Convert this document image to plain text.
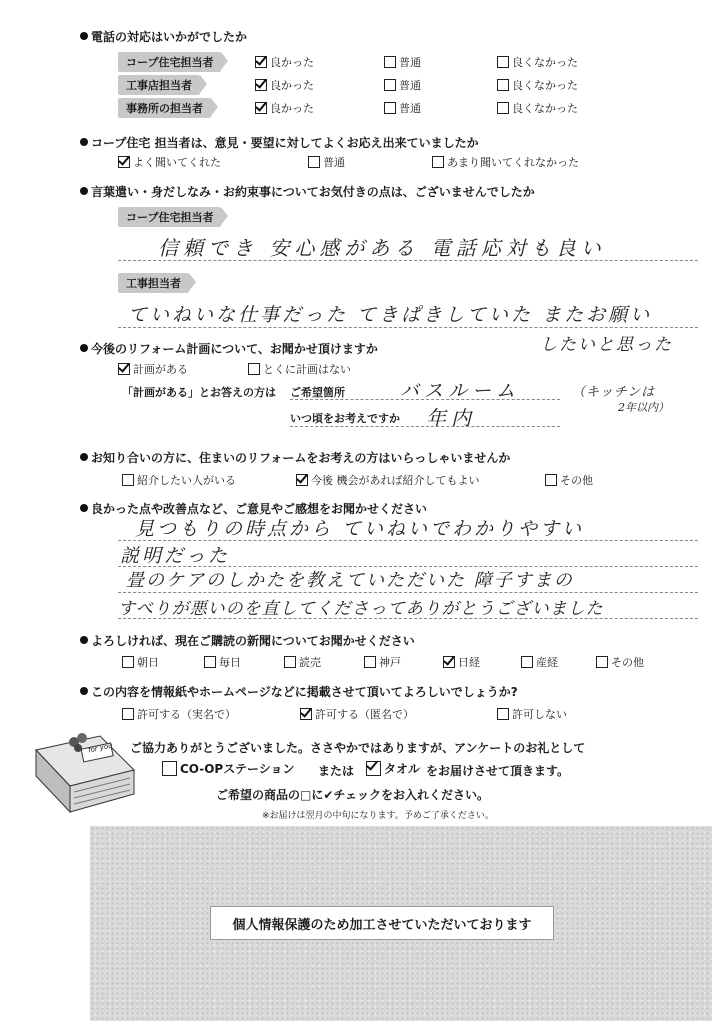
電話の対応はいかがでしたか
コープ住宅担当者	良かった	普通	良くなかった
工事店担当者	良かった	普通	良くなかった
事務所の担当者	良かった	普通	良くなかった
コープ住宅 担当者は、意見・要望に対してよくお応え出来ていましたか
よく聞いてくれた	普通	あまり聞いてくれなかった
言葉遣い・身だしなみ・お約束事についてお気付きの点は、ございませんでしたか
コープ住宅担当者
信頼でき 安心感がある 電話応対も良い
工事担当者
ていねいな仕事だった てきぱきしていた またお願い
したいと思った
今後のリフォーム計画について、お聞かせ頂けますか
計画がある	とくに計画はない
「計画がある」とお答えの方は ご希望箇所	バスルーム	（キッチンは
2年以内）
いつ頃をお考えですか 年内
お知り合いの方に、住まいのリフォームをお考えの方はいらっしゃいませんか
紹介したい人がいる	今後 機会があれば紹介してもよい	その他
良かった点や改善点など、ご意見やご感想をお聞かせください
見つもりの時点から ていねいでわかりやすい
説明だった
畳のケアのしかたを教えていただいた 障子すまの
すべりが悪いのを直してくださってありがとうございました
よろしければ、現在ご購読の新聞についてお聞かせください
朝日	毎日	読売	神戸	日経	産経	その他
この内容を情報紙やホームページなどに掲載させて頂いてよろしいでしょうか?
許可する（実名で）	許可する（匿名で）	許可しない
for you ご協力ありがとうございました。ささやかではありますが、アンケートのお礼として
CO-OPステーション または タオル をお届けさせて頂きます。
ご希望の商品の□に✔チェックをお入れください。
※お届けは翌月の中旬になります。予めご了承ください。
個人情報保護のため加工させていただいております
